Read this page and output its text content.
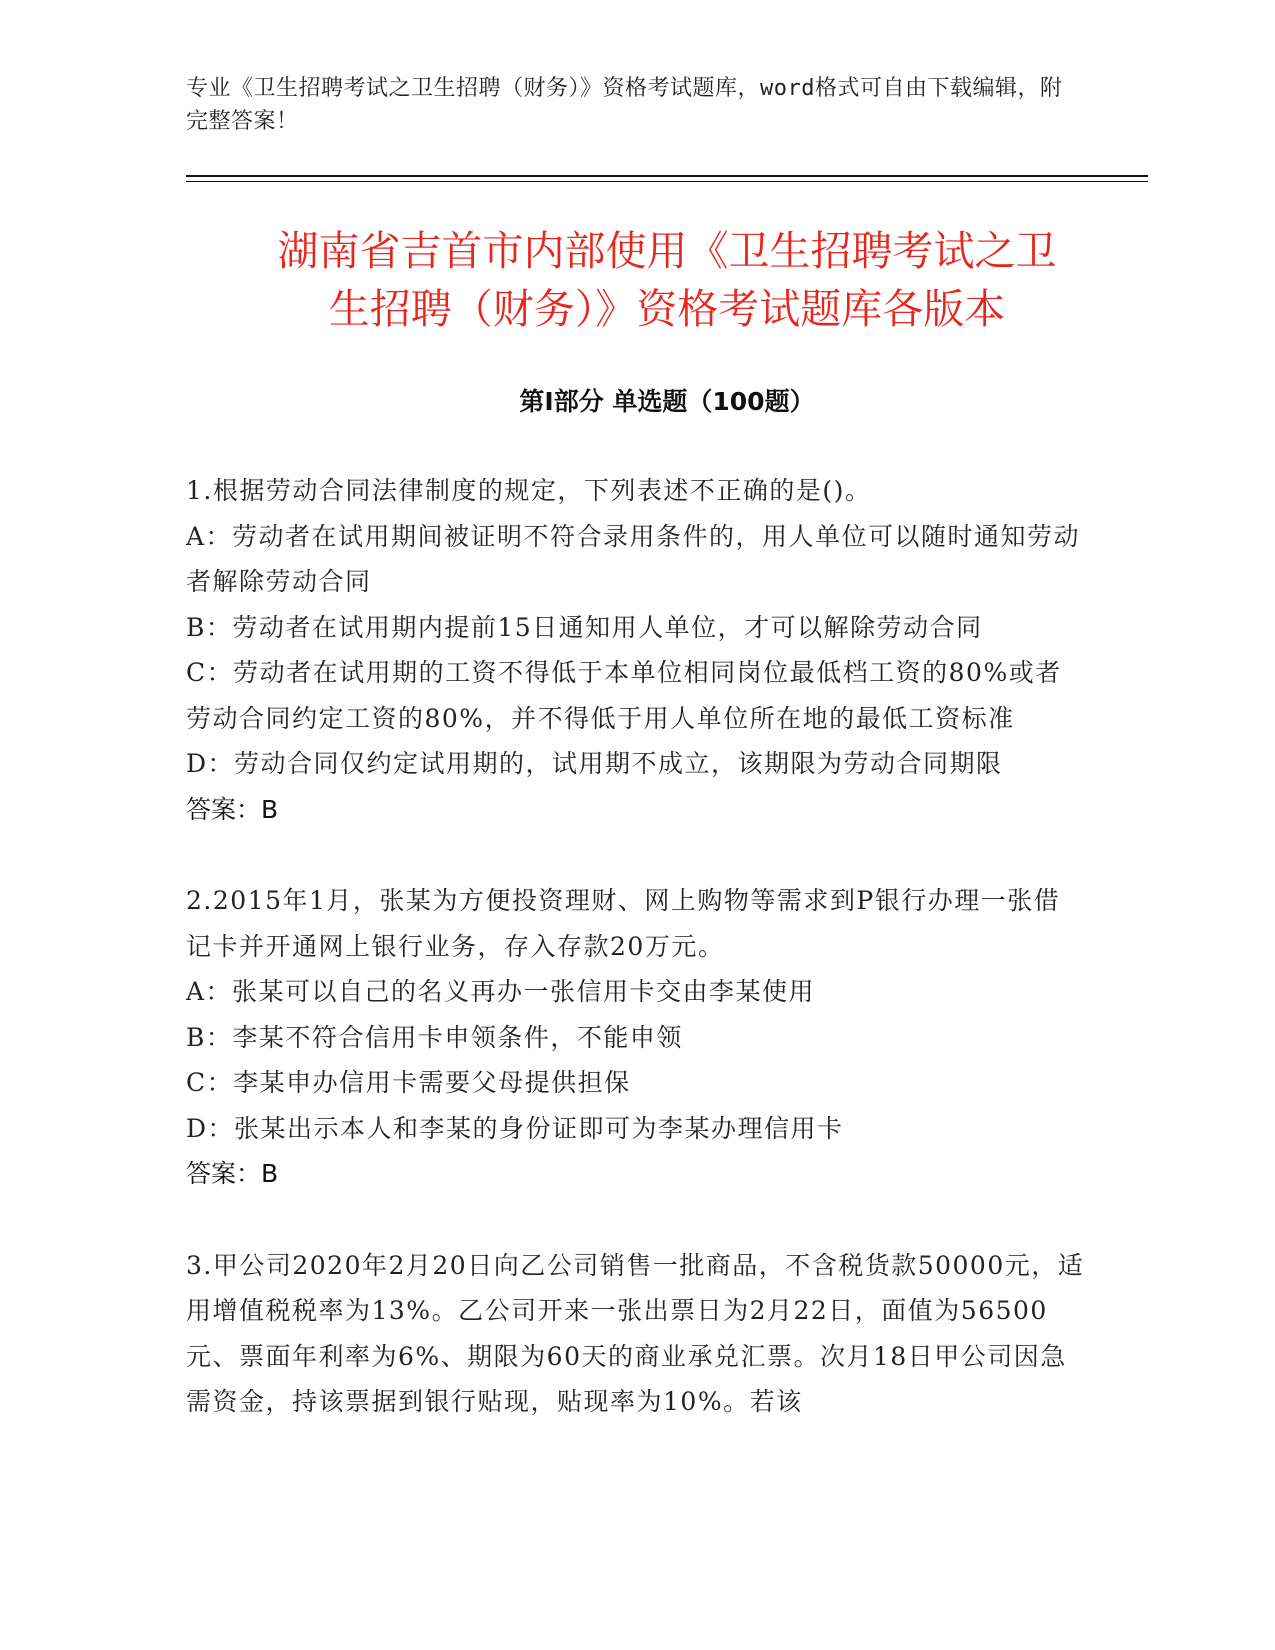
专业《卫生招聘考试之卫生招聘（财务）》资格考试题库，word格式可自由下载编辑，附完整答案！
湖南省吉首市内部使用《卫生招聘考试之卫
生招聘（财务）》资格考试题库各版本
第Ⅰ部分 单选题（100题）

1.根据劳动合同法律制度的规定，下列表述不正确的是()。

A：劳动者在试用期间被证明不符合录用条件的，用人单位可以随时通知劳动者解除劳动合同

B：劳动者在试用期内提前15日通知用人单位，才可以解除劳动合同

C：劳动者在试用期的工资不得低于本单位相同岗位最低档工资的80%或者劳动合同约定工资的80%，并不得低于用人单位所在地的最低工资标准

D：劳动合同仅约定试用期的，试用期不成立，该期限为劳动合同期限

答案：B

2.2015年1月，张某为方便投资理财、网上购物等需求到P银行办理一张借记卡并开通网上银行业务，存入存款20万元。

A：张某可以自己的名义再办一张信用卡交由李某使用

B：李某不符合信用卡申领条件，不能申领

C：李某申办信用卡需要父母提供担保

D：张某出示本人和李某的身份证即可为李某办理信用卡

答案：B

3.甲公司2020年2月20日向乙公司销售一批商品，不含税货款50000元，适用增值税税率为13%。乙公司开来一张出票日为2月22日，面值为56500元、票面年利率为6%、期限为60天的商业承兑汇票。次月18日甲公司因急需资金，持该票据到银行贴现，贴现率为10%。若该
